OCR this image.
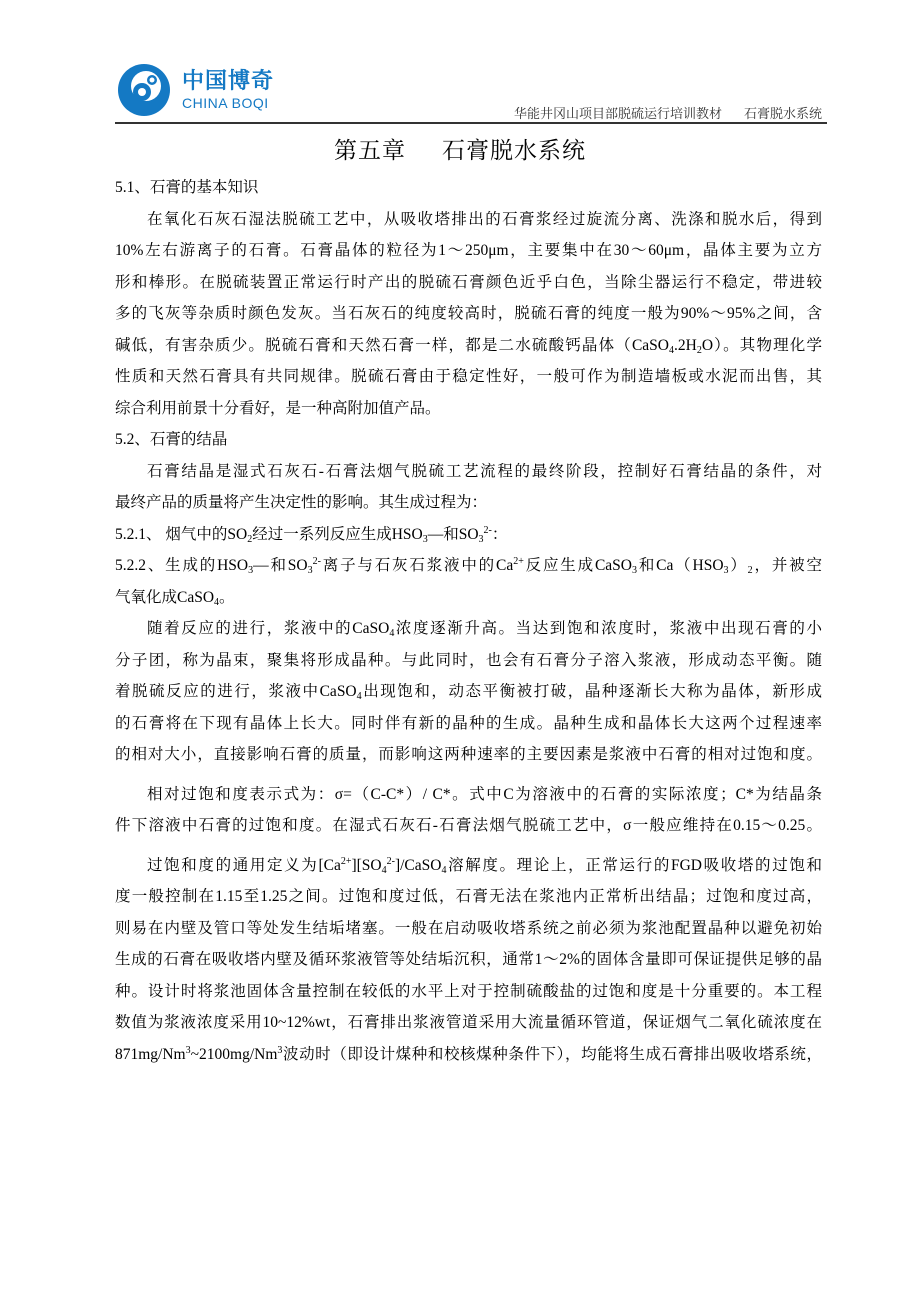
中国博奇
CHINA BOQI
华能井冈山项目部脱硫运行培训教材 石膏脱水系统
第五章 石膏脱水系统
5.1、石膏的基本知识
在氧化石灰石湿法脱硫工艺中，从吸收塔排出的石膏浆经过旋流分离、洗涤和脱水后，得到
10%左右游离子的石膏。石膏晶体的粒径为1～250μm，主要集中在30～60μm，晶体主要为立方
形和棒形。在脱硫装置正常运行时产出的脱硫石膏颜色近乎白色，当除尘器运行不稳定，带进较
多的飞灰等杂质时颜色发灰。当石灰石的纯度较高时，脱硫石膏的纯度一般为90%～95%之间，含
碱低，有害杂质少。脱硫石膏和天然石膏一样，都是二水硫酸钙晶体$(CaSO_4.2H_2O)$。其物理化学
性质和天然石膏具有共同规律。脱硫石膏由于稳定性好，一般可作为制造墙板或水泥而出售，其
综合利用前景十分看好，是一种高附加值产品。
5.2、石膏的结晶
石膏结晶是湿式石灰石-石膏法烟气脱硫工艺流程的最终阶段，控制好石膏结晶的条件，对
最终产品的质量将产生决定性的影响。其生成过程为：
5.2.1、 烟气中的$SO_2$经过一系列反应生成$HSO_3—$和$SO_3^{2-}$：
5.2.2、生成的$HSO_3—$和$SO_3^{2-}$离子与石灰石浆液中的$Ca^{2+}$反应生成CaSO$_3$和$Ca(HSO_3)_2$，并被空
气氧化成CaSO$_4$。
随着反应的进行，浆液中的CaSO$_4$浓度逐渐升高。当达到饱和浓度时，浆液中出现石膏的小
分子团，称为晶束，聚集将形成晶种。与此同时，也会有石膏分子溶入浆液，形成动态平衡。随
着脱硫反应的进行，浆液中CaSO$_4$出现饱和，动态平衡被打破，晶种逐渐长大称为晶体，新形成
的石膏将在下现有晶体上长大。同时伴有新的晶种的生成。晶种生成和晶体长大这两个过程速率
的相对大小，直接影响石膏的质量，而影响这两种速率的主要因素是浆液中石膏的相对过饱和度。
相对过饱和度表示式为：σ=（C-C*）/ C*。式中C为溶液中的石膏的实际浓度；C*为结晶条
件下溶液中石膏的过饱和度。在湿式石灰石-石膏法烟气脱硫工艺中，σ一般应维持在0.15～0.25。
过饱和度的通用定义为$[Ca^{2+}][SO_4^{2-}]/CaSO_4$溶解度。理论上，正常运行的FGD吸收塔的过饱和
度一般控制在1.15至1.25之间。过饱和度过低，石膏无法在浆池内正常析出结晶；过饱和度过高，
则易在内壁及管口等处发生结垢堵塞。一般在启动吸收塔系统之前必须为浆池配置晶种以避免初始
生成的石膏在吸收塔内壁及循环浆液管等处结垢沉积，通常1～2%的固体含量即可保证提供足够的晶
种。设计时将浆池固体含量控制在较低的水平上对于控制硫酸盐的过饱和度是十分重要的。本工程
数值为浆液浓度采用10~12%wt，石膏排出浆液管道采用大流量循环管道，保证烟气二氧化硫浓度在
871mg/Nm$^3$~2100mg/Nm$^3$波动时（即设计煤种和校核煤种条件下），均能将生成石膏排出吸收塔系统，
